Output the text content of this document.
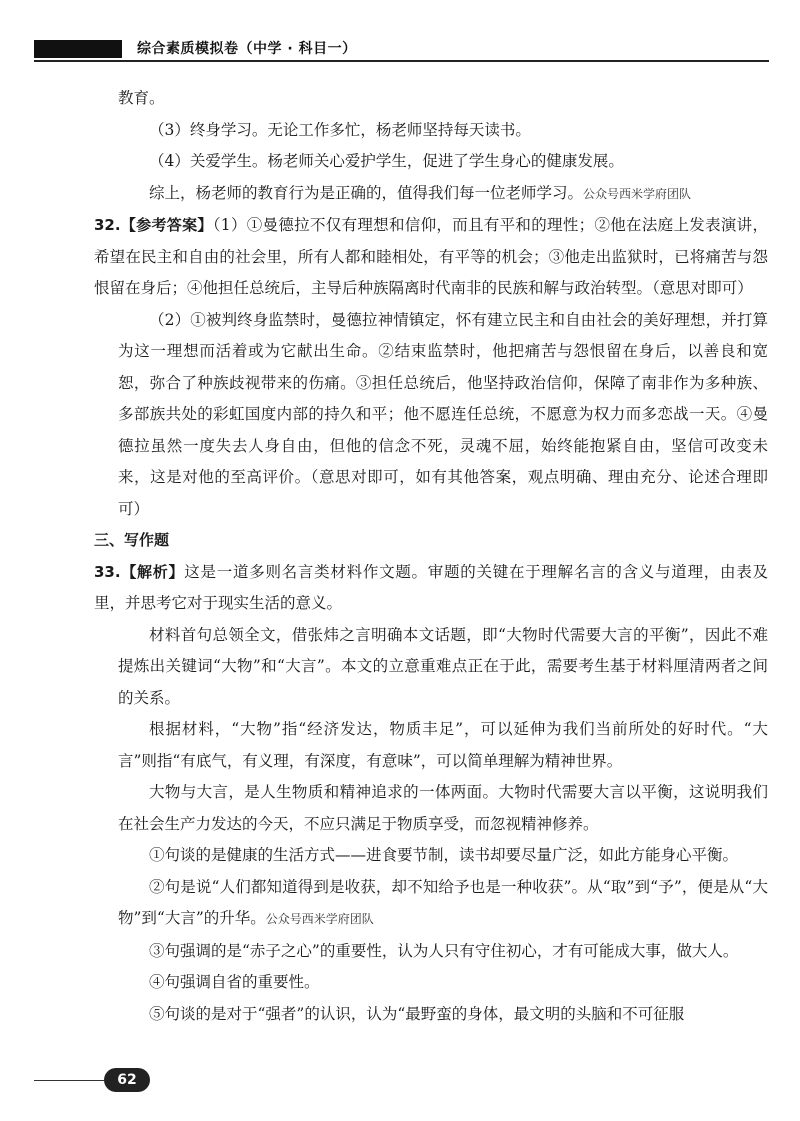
综合素质模拟卷（中学 · 科目一）

教育。

（3）终身学习。无论工作多忙，杨老师坚持每天读书。

（4）关爱学生。杨老师关心爱护学生，促进了学生身心的健康发展。

综上，杨老师的教育行为是正确的，值得我们每一位老师学习。公众号西米学府团队

32.【参考答案】（1）①曼德拉不仅有理想和信仰，而且有平和的理性；②他在法庭上发表演讲，希望在民主和自由的社会里，所有人都和睦相处，有平等的机会；③他走出监狱时，已将痛苦与怨恨留在身后；④他担任总统后，主导后种族隔离时代南非的民族和解与政治转型。（意思对即可）

（2）①被判终身监禁时，曼德拉神情镇定，怀有建立民主和自由社会的美好理想，并打算为这一理想而活着或为它献出生命。②结束监禁时，他把痛苦与怨恨留在身后，以善良和宽恕，弥合了种族歧视带来的伤痛。③担任总统后，他坚持政治信仰，保障了南非作为多种族、多部族共处的彩虹国度内部的持久和平；他不愿连任总统，不愿意为权力而多恋战一天。④曼德拉虽然一度失去人身自由，但他的信念不死，灵魂不屈，始终能抱紧自由，坚信可改变未来，这是对他的至高评价。（意思对即可，如有其他答案，观点明确、理由充分、论述合理即可）

三、写作题

33.【解析】这是一道多则名言类材料作文题。审题的关键在于理解名言的含义与道理，由表及里，并思考它对于现实生活的意义。

材料首句总领全文，借张炜之言明确本文话题，即“大物时代需要大言的平衡”，因此不难提炼出关键词“大物”和“大言”。本文的立意重难点正在于此，需要考生基于材料厘清两者之间的关系。

根据材料，“大物”指“经济发达，物质丰足”，可以延伸为我们当前所处的好时代。“大言”则指“有底气，有义理，有深度，有意味”，可以简单理解为精神世界。

大物与大言，是人生物质和精神追求的一体两面。大物时代需要大言以平衡，这说明我们在社会生产力发达的今天，不应只满足于物质享受，而忽视精神修养。

①句谈的是健康的生活方式——进食要节制，读书却要尽量广泛，如此方能身心平衡。

②句是说“人们都知道得到是收获，却不知给予也是一种收获”。从“取”到“予”，便是从“大物”到“大言”的升华。公众号西米学府团队

③句强调的是“赤子之心”的重要性，认为人只有守住初心，才有可能成大事，做大人。

④句强调自省的重要性。

⑤句谈的是对于“强者”的认识，认为“最野蛮的身体，最文明的头脑和不可征服

62
